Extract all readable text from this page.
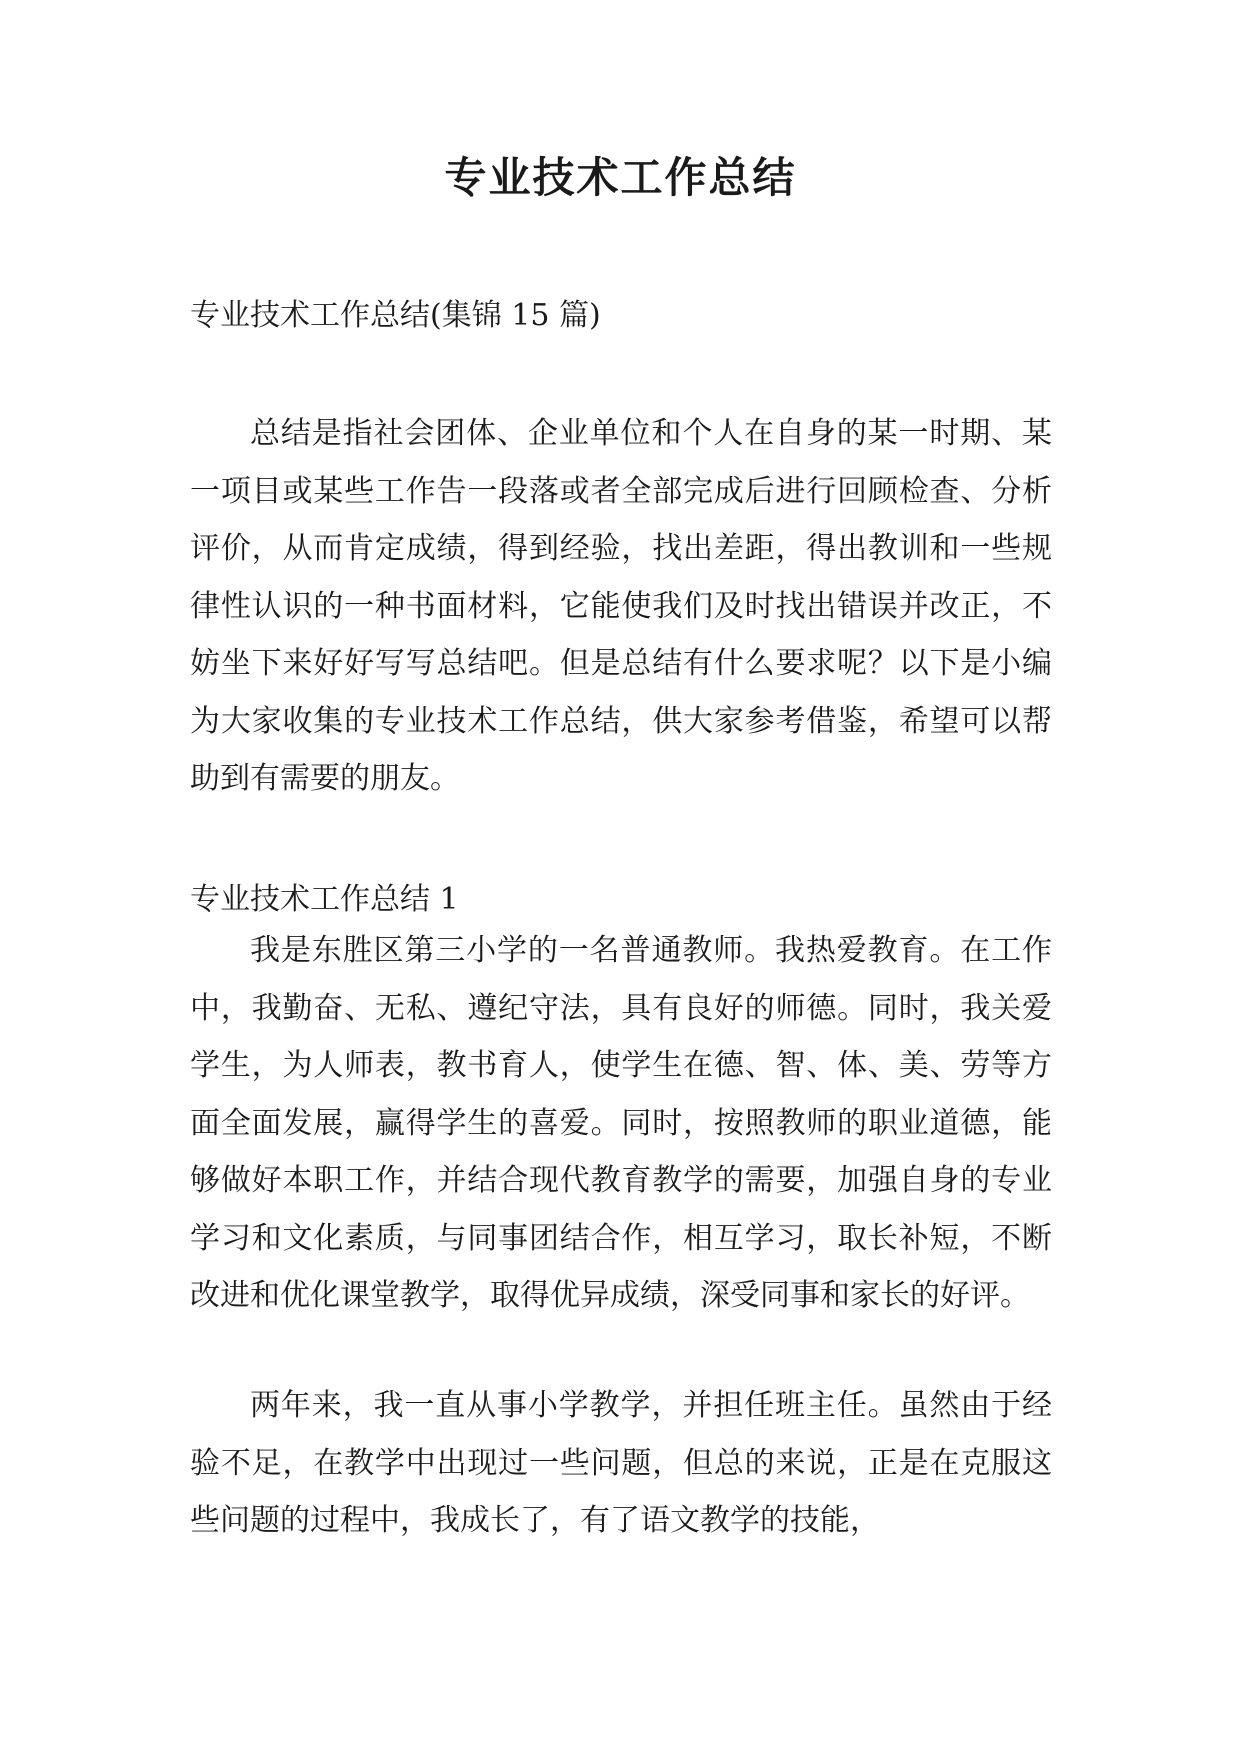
专业技术工作总结
专业技术工作总结(集锦 15 篇)

总结是指社会团体、企业单位和个人在自身的某一时期、某一项目或某些工作告一段落或者全部完成后进行回顾检查、分析评价，从而肯定成绩，得到经验，找出差距，得出教训和一些规律性认识的一种书面材料，它能使我们及时找出错误并改正，不妨坐下来好好写写总结吧。但是总结有什么要求呢？以下是小编为大家收集的专业技术工作总结，供大家参考借鉴，希望可以帮助到有需要的朋友。

专业技术工作总结 1

我是东胜区第三小学的一名普通教师。我热爱教育。在工作中，我勤奋、无私、遵纪守法，具有良好的师德。同时，我关爱学生，为人师表，教书育人，使学生在德、智、体、美、劳等方面全面发展，赢得学生的喜爱。同时，按照教师的职业道德，能够做好本职工作，并结合现代教育教学的需要，加强自身的专业学习和文化素质，与同事团结合作，相互学习，取长补短，不断改进和优化课堂教学，取得优异成绩，深受同事和家长的好评。

两年来，我一直从事小学教学，并担任班主任。虽然由于经验不足，在教学中出现过一些问题，但总的来说，正是在克服这些问题的过程中，我成长了，有了语文教学的技能，
